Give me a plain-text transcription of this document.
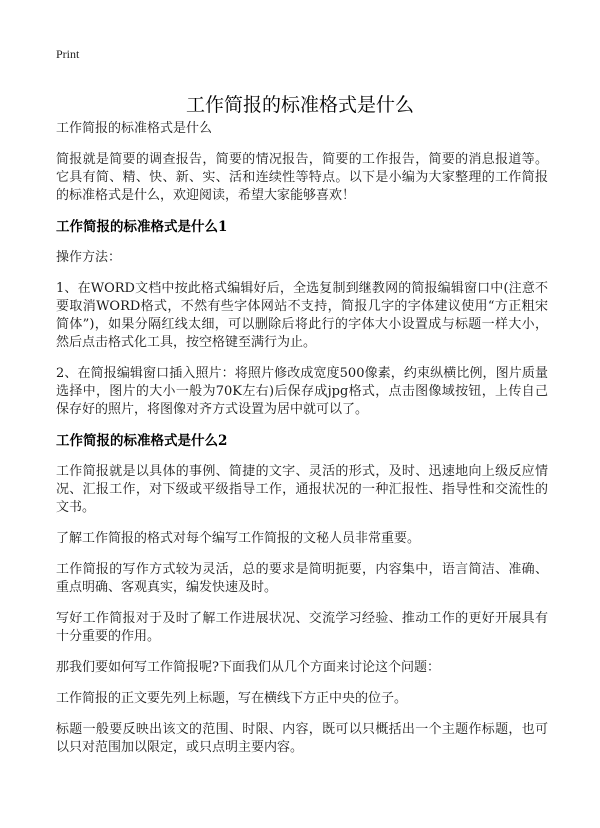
Print
工作简报的标准格式是什么

工作简报的标准格式是什么

简报就是简要的调查报告，简要的情况报告，简要的工作报告，简要的消息报道等。它具有简、精、快、新、实、活和连续性等特点。以下是小编为大家整理的工作简报的标准格式是什么，欢迎阅读，希望大家能够喜欢！

工作简报的标准格式是什么1

操作方法：

1、在WORD文档中按此格式编辑好后，全选复制到继教网的简报编辑窗口中(注意不要取消WORD格式，不然有些字体网站不支持，简报几字的字体建议使用“方正粗宋简体”)，如果分隔红线太细，可以删除后将此行的字体大小设置成与标题一样大小，然后点击格式化工具，按空格键至满行为止。

2、在简报编辑窗口插入照片：将照片修改成宽度500像素，约束纵横比例，图片质量选择中，图片的大小一般为70K左右)后保存成jpg格式，点击图像域按钮，上传自己保存好的照片，将图像对齐方式设置为居中就可以了。

工作简报的标准格式是什么2

工作简报就是以具体的事例、简捷的文字、灵活的形式，及时、迅速地向上级反应情况、汇报工作，对下级或平级指导工作，通报状况的一种汇报性、指导性和交流性的文书。

了解工作简报的格式对每个编写工作简报的文秘人员非常重要。

工作简报的写作方式较为灵活，总的要求是简明扼要，内容集中，语言简洁、准确、重点明确、客观真实，编发快速及时。

写好工作简报对于及时了解工作进展状况、交流学习经验、推动工作的更好开展具有十分重要的作用。

那我们要如何写工作简报呢?下面我们从几个方面来讨论这个问题：

工作简报的正文要先列上标题，写在横线下方正中央的位子。

标题一般要反映出该文的范围、时限、内容，既可以只概括出一个主题作标题，也可以只对范围加以限定，或只点明主要内容。
